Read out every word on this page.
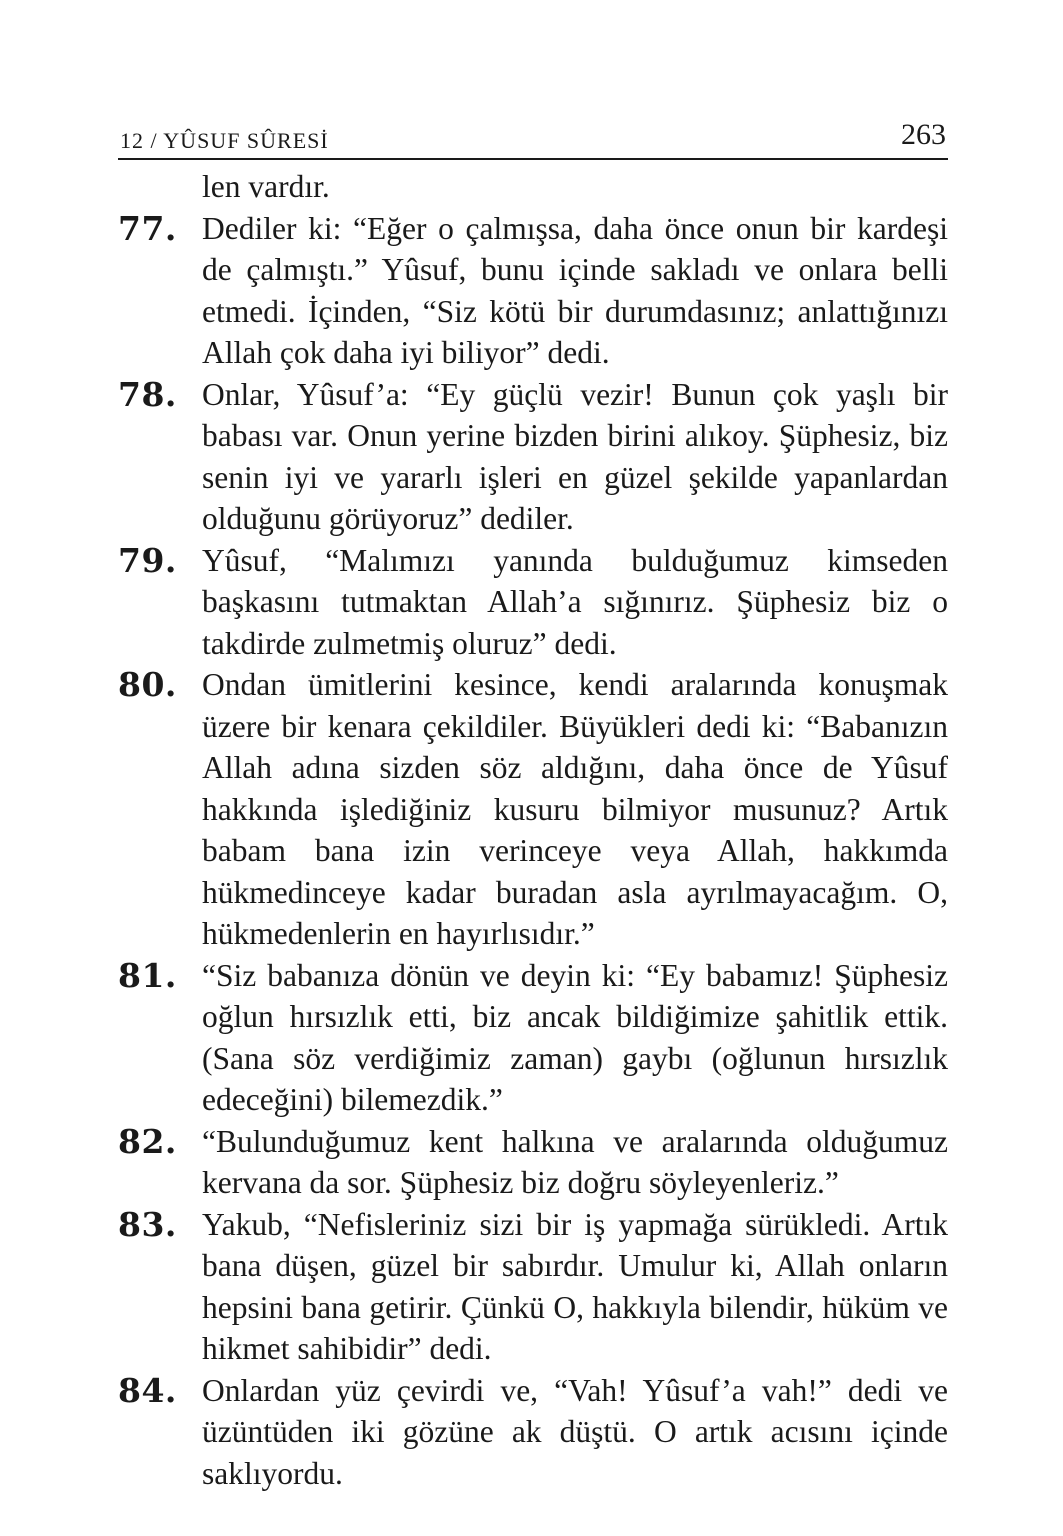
12 / YÛSUF SÛRESİ	263
len vardır.
77. Dediler ki: “Eğer o çalmışsa, daha önce onun bir kardeşi de çalmıştı.” Yûsuf, bunu içinde sakladı ve onlara belli etmedi. İçinden, “Siz kötü bir durumdasınız; anlattığınızı Allah çok daha iyi biliyor” dedi.
78. Onlar, Yûsuf’a: “Ey güçlü vezir! Bunun çok yaşlı bir babası var. Onun yerine bizden birini alıkoy. Şüphesiz, biz senin iyi ve yararlı işleri en güzel şekilde yapanlardan olduğunu görüyoruz” dediler.
79. Yûsuf, “Malımızı yanında bulduğumuz kimseden başkasını tutmaktan Allah’a sığınırız. Şüphesiz biz o takdirde zulmetmiş oluruz” dedi.
80. Ondan ümitlerini kesince, kendi aralarında konuşmak üzere bir kenara çekildiler. Büyükleri dedi ki: “Babanızın Allah adına sizden söz aldığını, daha önce de Yûsuf hakkında işlediğiniz kusuru bilmiyor musunuz? Artık babam bana izin verinceye veya Allah, hakkımda hükmedinceye kadar buradan asla ayrılmayacağım. O, hükmedenlerin en hayırlısıdır.”
81. “Siz babanıza dönün ve deyin ki: “Ey babamız! Şüphesiz oğlun hırsızlık etti, biz ancak bildiğimize şahitlik ettik. (Sana söz verdiğimiz zaman) gaybı (oğlunun hırsızlık edeceğini) bilemezdik.”
82. “Bulunduğumuz kent halkına ve aralarında olduğumuz kervana da sor. Şüphesiz biz doğru söyleyenleriz.”
83. Yakub, “Nefisleriniz sizi bir iş yapmağa sürükledi. Artık bana düşen, güzel bir sabırdır. Umulur ki, Allah onların hepsini bana getirir. Çünkü O, hakkıyla bilendir, hüküm ve hikmet sahibidir” dedi.
84. Onlardan yüz çevirdi ve, “Vah! Yûsuf’a vah!” dedi ve üzüntüden iki gözüne ak düştü. O artık acısını içinde saklıyordu.
